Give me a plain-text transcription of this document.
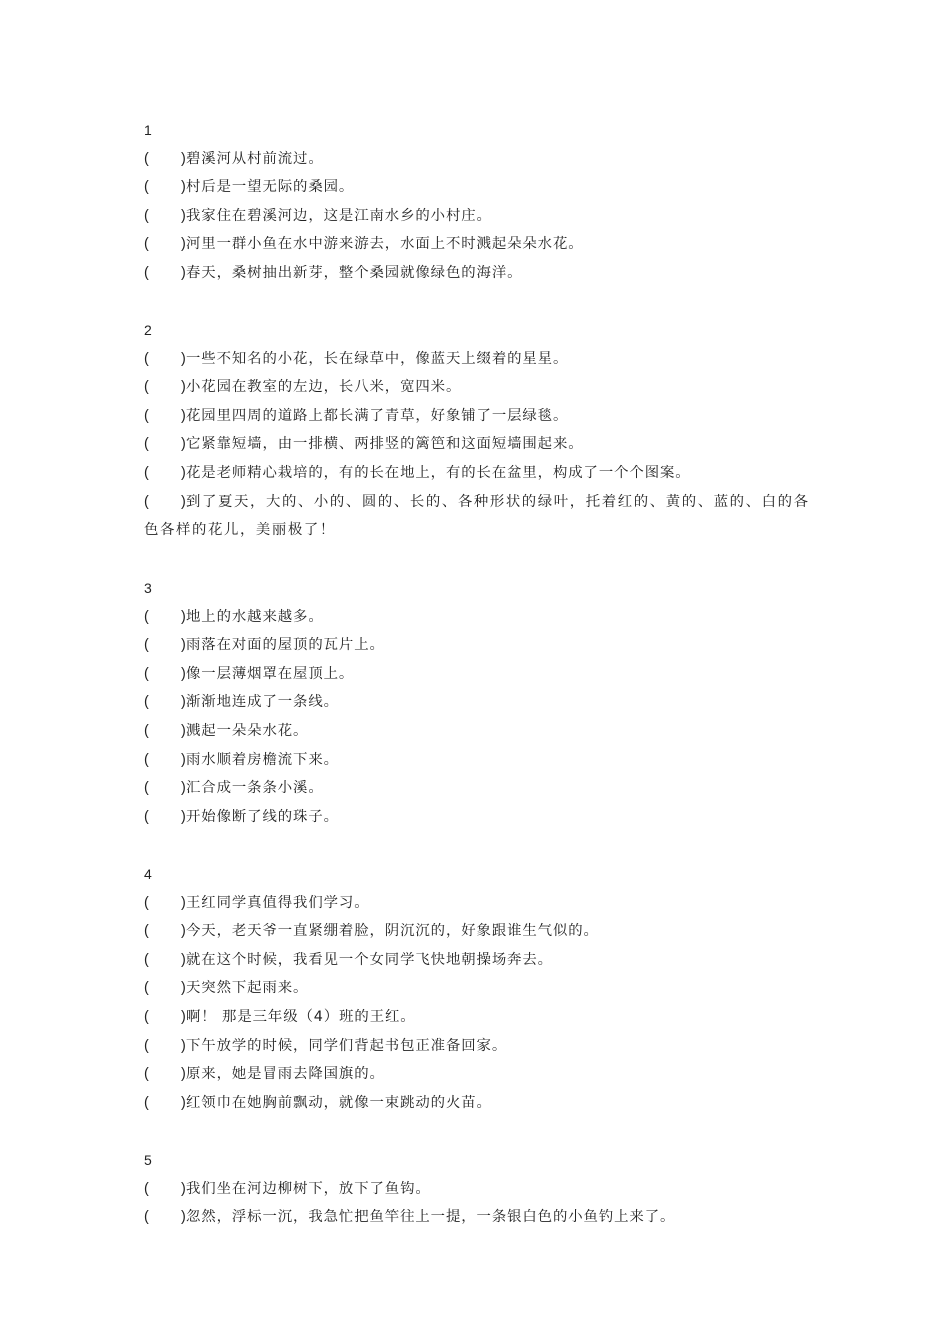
1
( ) 碧溪河从村前流过。
( ) 村后是一望无际的桑园。
( ) 我家住在碧溪河边，这是江南水乡的小村庄。
( ) 河里一群小鱼在水中游来游去，水面上不时溅起朵朵水花。
( ) 春天，桑树抽出新芽，整个桑园就像绿色的海洋。
2
( ) 一些不知名的小花，长在绿草中，像蓝天上缀着的星星。
( ) 小花园在教室的左边，长八米，宽四米。
( ) 花园里四周的道路上都长满了青草，好象铺了一层绿毯。
( ) 它紧靠短墙，由一排横、两排竖的篱笆和这面短墙围起来。
( ) 花是老师精心栽培的，有的长在地上，有的长在盆里，构成了一个个图案。
( ) 到了夏天，大的、小的、圆的、长的、各种形状的绿叶，托着红的、黄的、蓝的、白的各色各样的花儿，美丽极了！
3
( ) 地上的水越来越多。
( ) 雨落在对面的屋顶的瓦片上。
( ) 像一层薄烟罩在屋顶上。
( ) 渐渐地连成了一条线。
( ) 溅起一朵朵水花。
( ) 雨水顺着房檐流下来。
( ) 汇合成一条条小溪。
( ) 开始像断了线的珠子。
4
( ) 王红同学真值得我们学习。
( ) 今天，老天爷一直紧绷着脸，阴沉沉的，好象跟谁生气似的。
( ) 就在这个时候，我看见一个女同学飞快地朝操场奔去。
( ) 天突然下起雨来。
( ) 啊！ 那是三年级（4）班的王红。
( ) 下午放学的时候，同学们背起书包正准备回家。
( ) 原来，她是冒雨去降国旗的。
( ) 红领巾在她胸前飘动，就像一束跳动的火苗。
5
( ) 我们坐在河边柳树下，放下了鱼钩。
( ) 忽然，浮标一沉，我急忙把鱼竿往上一提，一条银白色的小鱼钓上来了。
